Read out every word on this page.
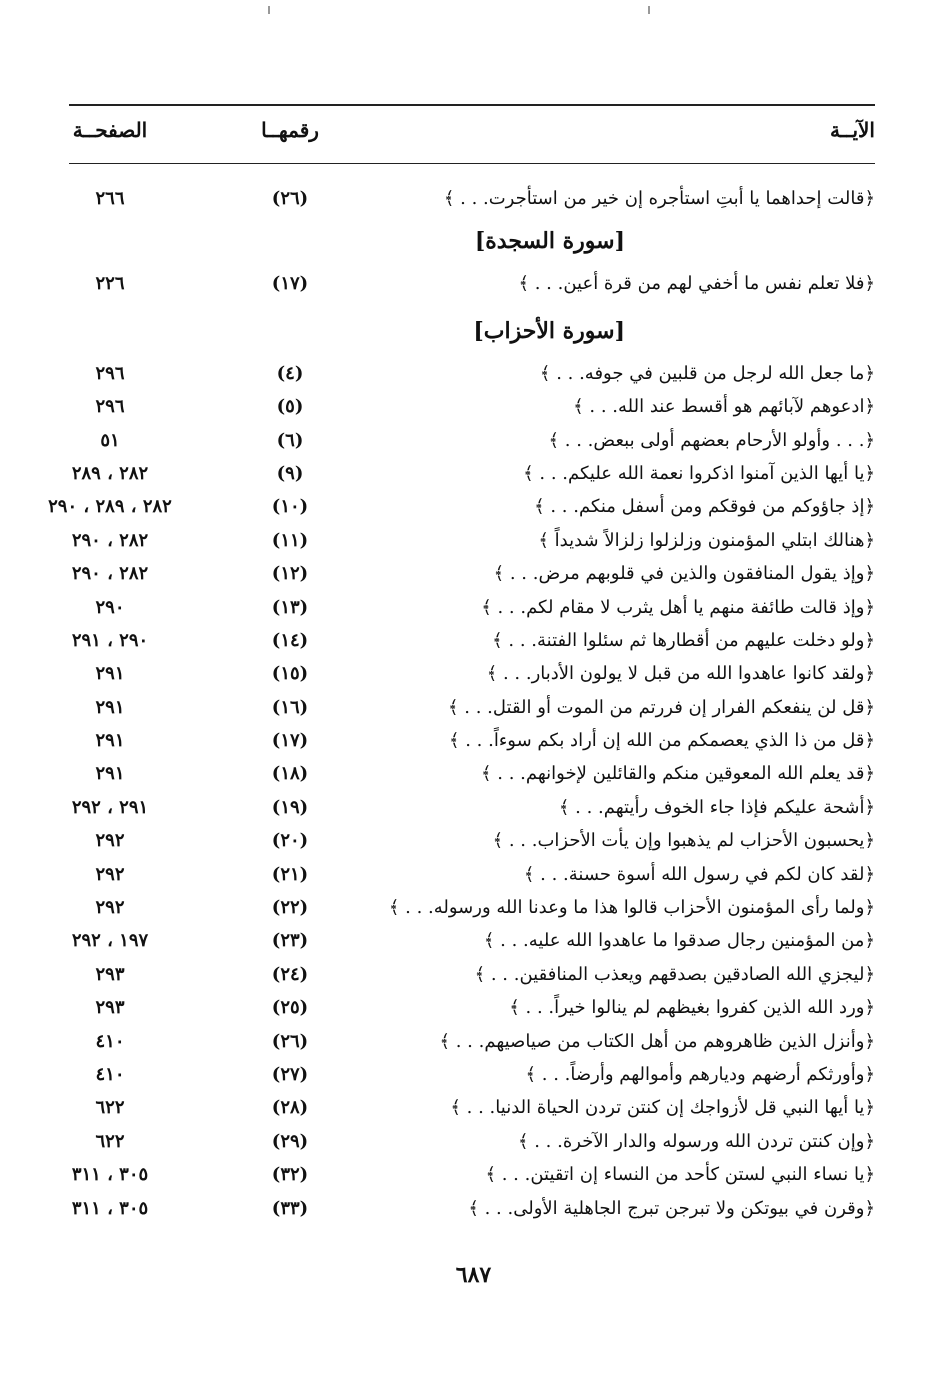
الآيــة
رقمهــا
الصفحــة
﴿قالت إحداهما يا أبتِ استأجره إن خير من استأجرت. . . ﴾
(٢٦)
٢٦٦
[سورة السجدة]
﴿فلا تعلم نفس ما أخفي لهم من قرة أعين. . . ﴾
(١٧)
٢٢٦
[سورة الأحزاب]
﴿ما جعل الله لرجل من قلبين في جوفه. . . ﴾
(٤)
٢٩٦
﴿ادعوهم لآبائهم هو أقسط عند الله. . . ﴾
(٥)
٢٩٦
﴿. . . وأولو الأرحام بعضهم أولى ببعض. . . ﴾
(٦)
٥١
﴿يا أيها الذين آمنوا اذكروا نعمة الله عليكم. . . ﴾
(٩)
٢٨٢ ، ٢٨٩
﴿إذ جاؤوكم من فوقكم ومن أسفل منكم. . . ﴾
(١٠)
٢٨٢ ، ٢٨٩ ، ٢٩٠
﴿هنالك ابتلي المؤمنون وزلزلوا زلزالاً شديداً ﴾
(١١)
٢٨٢ ، ٢٩٠
﴿وإذ يقول المنافقون والذين في قلوبهم مرض. . . ﴾
(١٢)
٢٨٢ ، ٢٩٠
﴿وإذ قالت طائفة منهم يا أهل يثرب لا مقام لكم. . . ﴾
(١٣)
٢٩٠
﴿ولو دخلت عليهم من أقطارها ثم سئلوا الفتنة. . . ﴾
(١٤)
٢٩٠ ، ٢٩١
﴿ولقد كانوا عاهدوا الله من قبل لا يولون الأدبار. . . ﴾
(١٥)
٢٩١
﴿قل لن ينفعكم الفرار إن فررتم من الموت أو القتل. . . ﴾
(١٦)
٢٩١
﴿قل من ذا الذي يعصمكم من الله إن أراد بكم سوءاً. . . ﴾
(١٧)
٢٩١
﴿قد يعلم الله المعوقين منكم والقائلين لإخوانهم. . . ﴾
(١٨)
٢٩١
﴿أشحة عليكم فإذا جاء الخوف رأيتهم. . . ﴾
(١٩)
٢٩١ ، ٢٩٢
﴿يحسبون الأحزاب لم يذهبوا وإن يأت الأحزاب. . . ﴾
(٢٠)
٢٩٢
﴿لقد كان لكم في رسول الله أسوة حسنة. . . ﴾
(٢١)
٢٩٢
﴿ولما رأى المؤمنون الأحزاب قالوا هذا ما وعدنا الله ورسوله. . . ﴾
(٢٢)
٢٩٢
﴿من المؤمنين رجال صدقوا ما عاهدوا الله عليه. . . ﴾
(٢٣)
١٩٧ ، ٢٩٢
﴿ليجزي الله الصادقين بصدقهم ويعذب المنافقين. . . ﴾
(٢٤)
٢٩٣
﴿ورد الله الذين كفروا بغيظهم لم ينالوا خيراً. . . ﴾
(٢٥)
٢٩٣
﴿وأنزل الذين ظاهروهم من أهل الكتاب من صياصيهم. . . ﴾
(٢٦)
٤١٠
﴿وأورثكم أرضهم وديارهم وأموالهم وأرضاً. . . ﴾
(٢٧)
٤١٠
﴿يا أيها النبي قل لأزواجك إن كنتن تردن الحياة الدنيا. . . ﴾
(٢٨)
٦٢٢
﴿وإن كنتن تردن الله ورسوله والدار الآخرة. . . ﴾
(٢٩)
٦٢٢
﴿يا نساء النبي لستن كأحد من النساء إن اتقيتن. . . ﴾
(٣٢)
٣٠٥ ، ٣١١
﴿وقرن في بيوتكن ولا تبرجن تبرج الجاهلية الأولى. . . ﴾
(٣٣)
٣٠٥ ، ٣١١
٦٨٧
